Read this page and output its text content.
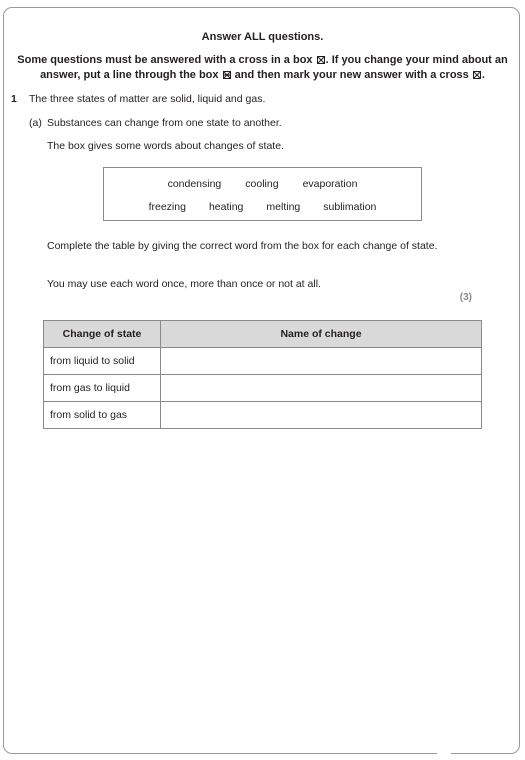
Answer ALL questions.
Some questions must be answered with a cross in a box ☒. If you change your mind about an answer, put a line through the box and then mark your new answer with a cross ☒.
1 The three states of matter are solid, liquid and gas.
(a) Substances can change from one state to another.
The box gives some words about changes of state.
condensing cooling evaporation
freezing heating melting sublimation
Complete the table by giving the correct word from the box for each change of state.
You may use each word once, more than once or not at all.
(3)
Change of state	Name of change
from liquid to solid	
from gas to liquid	
from solid to gas	
